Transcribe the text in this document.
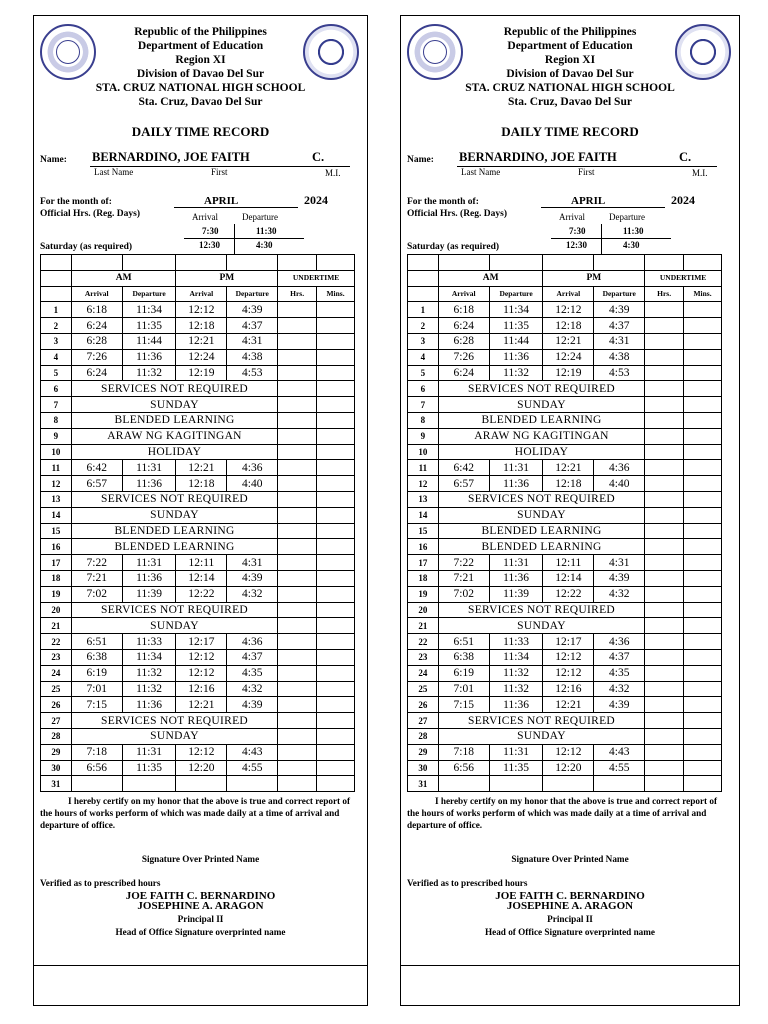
Republic of the Philippines
Department of Education
Region XI
Division of Davao Del Sur
STA. CRUZ NATIONAL HIGH SCHOOL
Sta. Cruz, Davao Del Sur
DAILY TIME RECORD
Name: BERNARDINO, JOE FAITH	C.
Last Name	First	M.I.
For the month of:	APRIL	2024
Official Hrs. (Reg. Days)	Arrival	Departure
7:30	11:30
12:30	4:30
Saturday (as required)

	AM		PM		UNDERTIME	
	Arrival	Departure	Arrival	Departure	Hrs.	Mins.
1	6:18	11:34	12:12	4:39		
2	6:24	11:35	12:18	4:37		
3	6:28	11:44	12:21	4:31		
4	7:26	11:36	12:24	4:38		
5	6:24	11:32	12:19	4:53		
6	SERVICES NOT REQUIRED					
7	SUNDAY					
8	BLENDED LEARNING					
9	ARAW NG KAGITINGAN					
10	HOLIDAY					
11	6:42	11:31	12:21	4:36		
12	6:57	11:36	12:18	4:40		
13	SERVICES NOT REQUIRED					
14	SUNDAY					
15	BLENDED LEARNING					
16	BLENDED LEARNING					
17	7:22	11:31	12:11	4:31		
18	7:21	11:36	12:14	4:39		
19	7:02	11:39	12:22	4:32		
20	SERVICES NOT REQUIRED					
21	SUNDAY					
22	6:51	11:33	12:17	4:36		
23	6:38	11:34	12:12	4:37		
24	6:19	11:32	12:12	4:35		
25	7:01	11:32	12:16	4:32		
26	7:15	11:36	12:21	4:39		
27	SERVICES NOT REQUIRED					
28	SUNDAY					
29	7:18	11:31	12:12	4:43		
30	6:56	11:35	12:20	4:55		
31						
I hereby certify on my honor that the above is true and correct report of the hours of works perform of which was made daily at a time of arrival and departure of office.
Signature Over Printed Name
Verified as to prescribed hours
JOE FAITH C. BERNARDINO
JOSEPHINE A. ARAGON
Principal II
Head of Office Signature overprinted name
Republic of the Philippines
Department of Education
Region XI
Division of Davao Del Sur
STA. CRUZ NATIONAL HIGH SCHOOL
Sta. Cruz, Davao Del Sur
DAILY TIME RECORD
Name: BERNARDINO, JOE FAITH	C.
Last Name	First	M.I.
For the month of:	APRIL	2024
Official Hrs. (Reg. Days)	Arrival	Departure
7:30	11:30
12:30	4:30
Saturday (as required)

	AM		PM		UNDERTIME	
	Arrival	Departure	Arrival	Departure	Hrs.	Mins.
1	6:18	11:34	12:12	4:39		
2	6:24	11:35	12:18	4:37		
3	6:28	11:44	12:21	4:31		
4	7:26	11:36	12:24	4:38		
5	6:24	11:32	12:19	4:53		
6	SERVICES NOT REQUIRED					
7	SUNDAY					
8	BLENDED LEARNING					
9	ARAW NG KAGITINGAN					
10	HOLIDAY					
11	6:42	11:31	12:21	4:36		
12	6:57	11:36	12:18	4:40		
13	SERVICES NOT REQUIRED					
14	SUNDAY					
15	BLENDED LEARNING					
16	BLENDED LEARNING					
17	7:22	11:31	12:11	4:31		
18	7:21	11:36	12:14	4:39		
19	7:02	11:39	12:22	4:32		
20	SERVICES NOT REQUIRED					
21	SUNDAY					
22	6:51	11:33	12:17	4:36		
23	6:38	11:34	12:12	4:37		
24	6:19	11:32	12:12	4:35		
25	7:01	11:32	12:16	4:32		
26	7:15	11:36	12:21	4:39		
27	SERVICES NOT REQUIRED					
28	SUNDAY					
29	7:18	11:31	12:12	4:43		
30	6:56	11:35	12:20	4:55		
31						
I hereby certify on my honor that the above is true and correct report of the hours of works perform of which was made daily at a time of arrival and departure of office.
Signature Over Printed Name
Verified as to prescribed hours
JOE FAITH C. BERNARDINO
JOSEPHINE A. ARAGON
Principal II
Head of Office Signature overprinted name
